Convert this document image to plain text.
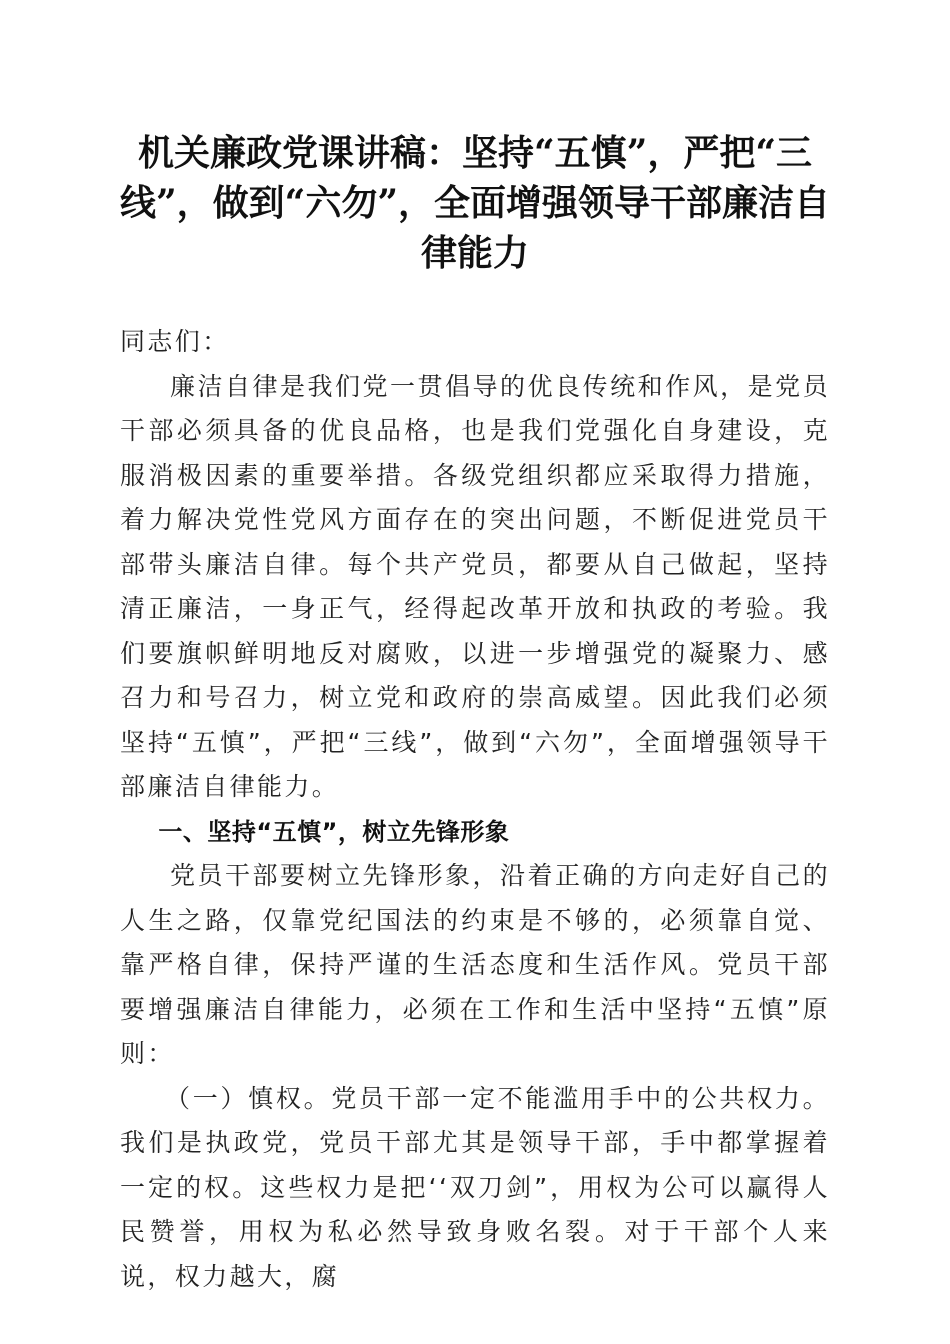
机关廉政党课讲稿：坚持“五慎”，严把“三线”，做到“六勿”，全面增强领导干部廉洁自律能力

同志们：

廉洁自律是我们党一贯倡导的优良传统和作风，是党员干部必须具备的优良品格，也是我们党强化自身建设，克服消极因素的重要举措。各级党组织都应采取得力措施，着力解决党性党风方面存在的突出问题，不断促进党员干部带头廉洁自律。每个共产党员，都要从自己做起，坚持清正廉洁，一身正气，经得起改革开放和执政的考验。我们要旗帜鲜明地反对腐败，以进一步增强党的凝聚力、感召力和号召力，树立党和政府的崇高威望。因此我们必须坚持“五慎”，严把“三线”，做到“六勿”，全面增强领导干部廉洁自律能力。

一、坚持“五慎”，树立先锋形象

党员干部要树立先锋形象，沿着正确的方向走好自己的人生之路，仅靠党纪国法的约束是不够的，必须靠自觉、靠严格自律，保持严谨的生活态度和生活作风。党员干部要增强廉洁自律能力，必须在工作和生活中坚持“五慎”原则：

（一）慎权。党员干部一定不能滥用手中的公共权力。我们是执政党，党员干部尤其是领导干部，手中都掌握着一定的权。这些权力是把‘‘双刀剑”，用权为公可以赢得人民赞誉，用权为私必然导致身败名裂。对于干部个人来说，权力越大，腐
